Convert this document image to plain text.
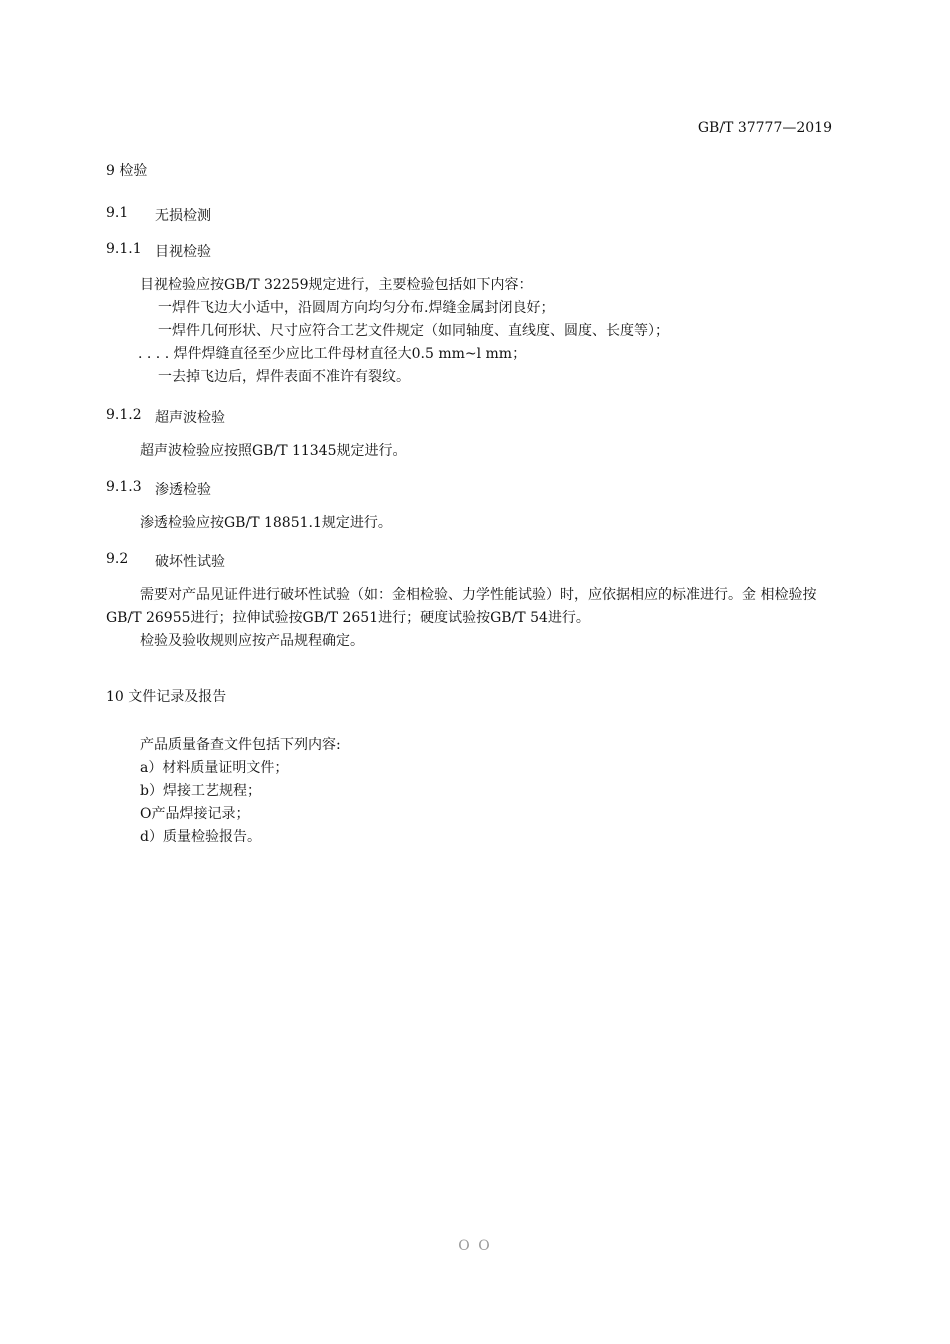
GB/T 37777—2019
9 检验
9.1 无损检测
9.1.1 目视检验
目视检验应按GB/T 32259规定进行，主要检验包括如下内容：
一焊件飞边大小适中，沿圆周方向均匀分布.焊缝金属封闭良好；
一焊件几何形状、尺寸应符合工艺文件规定（如同轴度、直线度、圆度、长度等）；
. . . . 焊件焊缝直径至少应比工件母材直径大0.5 mm~l mm；
一去掉飞边后，焊件表面不准许有裂纹。
9.1.2 超声波检验
超声波检验应按照GB/T 11345规定进行。
9.1.3 渗透检验
渗透检验应按GB/T 18851.1规定进行。
9.2 破坏性试验
需要对产品见证件进行破坏性试验（如：金相检验、力学性能试验）时，应依据相应的标准进行。金 相检验按GB/T 26955进行；拉伸试验按GB/T 2651进行；硬度试验按GB/T 54进行。
检验及验收规则应按产品规程确定。
10 文件记录及报告
产品质量备查文件包括下列内容:
a）材料质量证明文件；
b）焊接工艺规程；
O产品焊接记录；
d）质量检验报告。
O O
